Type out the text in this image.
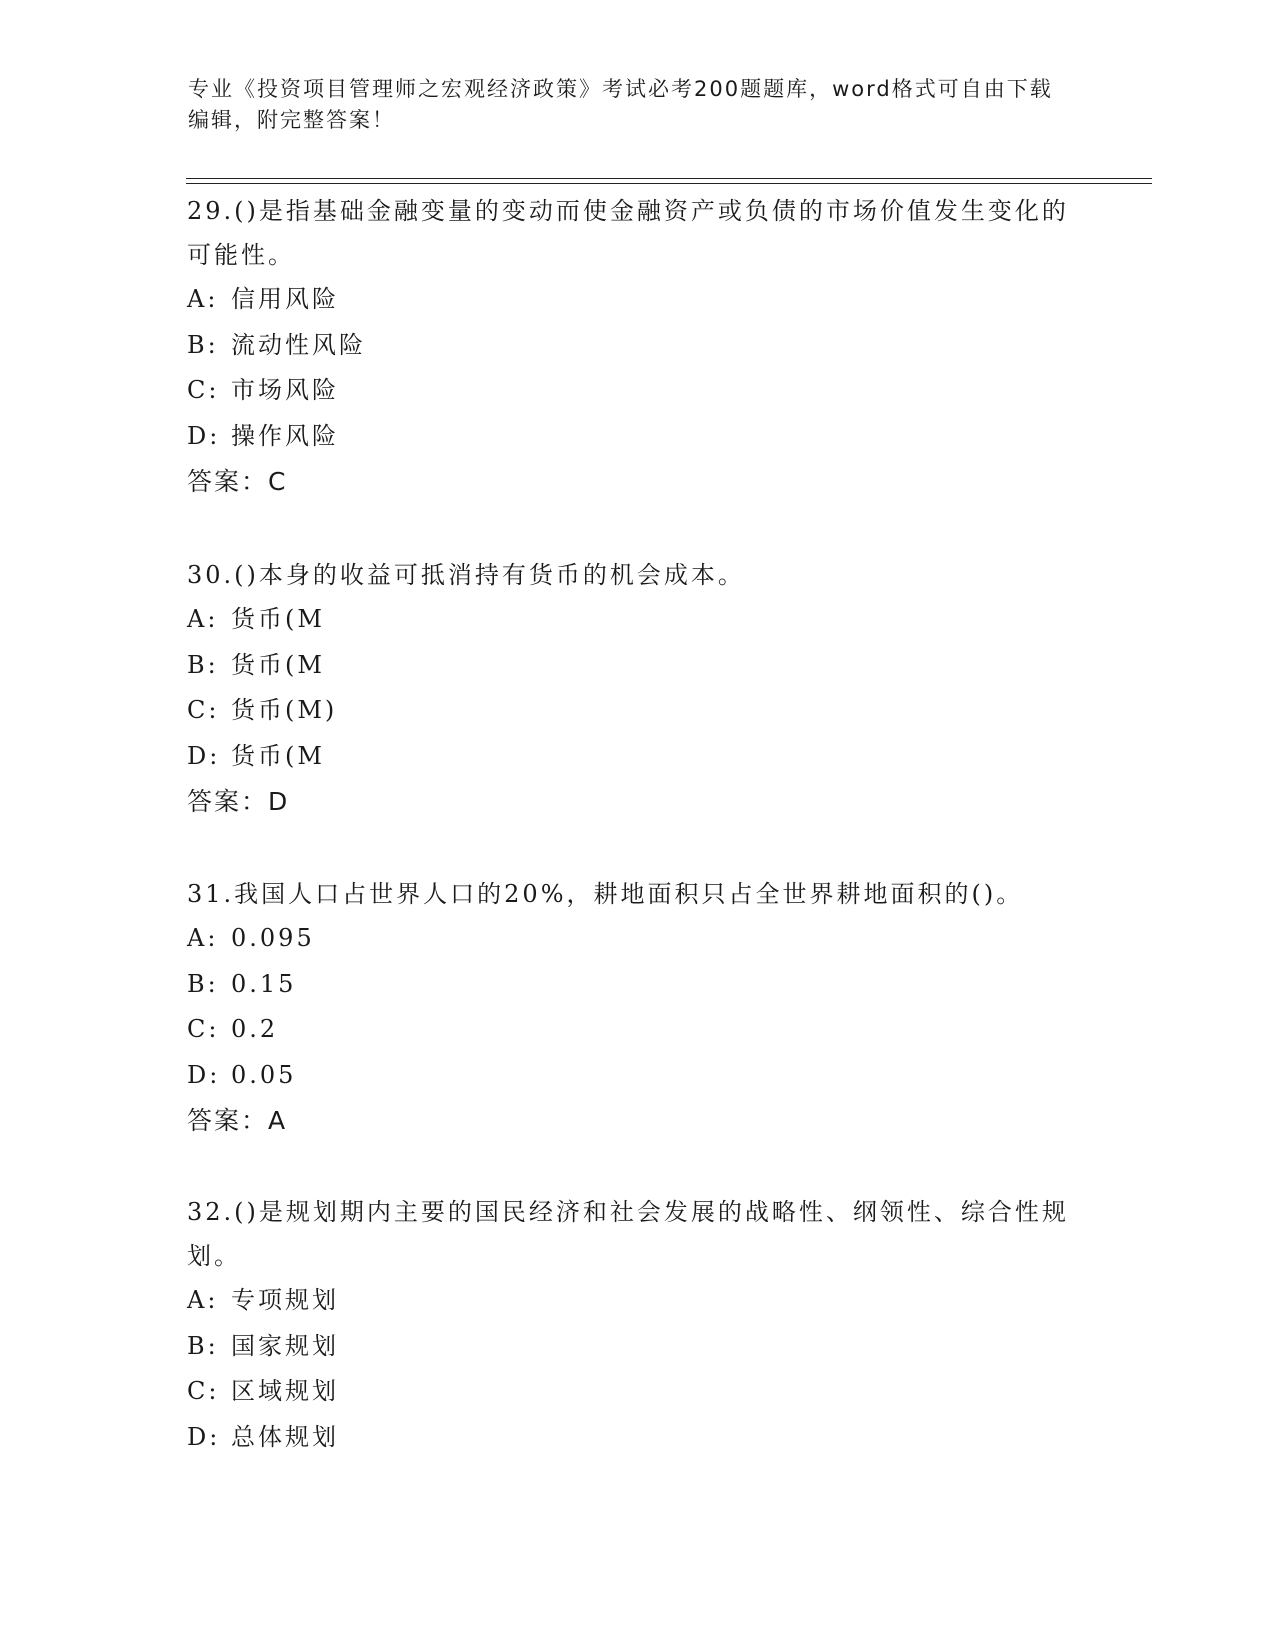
专业《投资项目管理师之宏观经济政策》考试必考200题题库，word格式可自由下载编辑，附完整答案！

29.()是指基础金融变量的变动而使金融资产或负债的市场价值发生变化的可能性。

A: 信用风险

B: 流动性风险

C: 市场风险

D: 操作风险

答案：C

30.()本身的收益可抵消持有货币的机会成本。

A: 货币(M

B: 货币(M

C: 货币(M)

D: 货币(M

答案：D

31.我国人口占世界人口的20%，耕地面积只占全世界耕地面积的()。

A: 0.095

B: 0.15

C: 0.2

D: 0.05

答案：A

32.()是规划期内主要的国民经济和社会发展的战略性、纲领性、综合性规划。

A: 专项规划

B: 国家规划

C: 区域规划

D: 总体规划
